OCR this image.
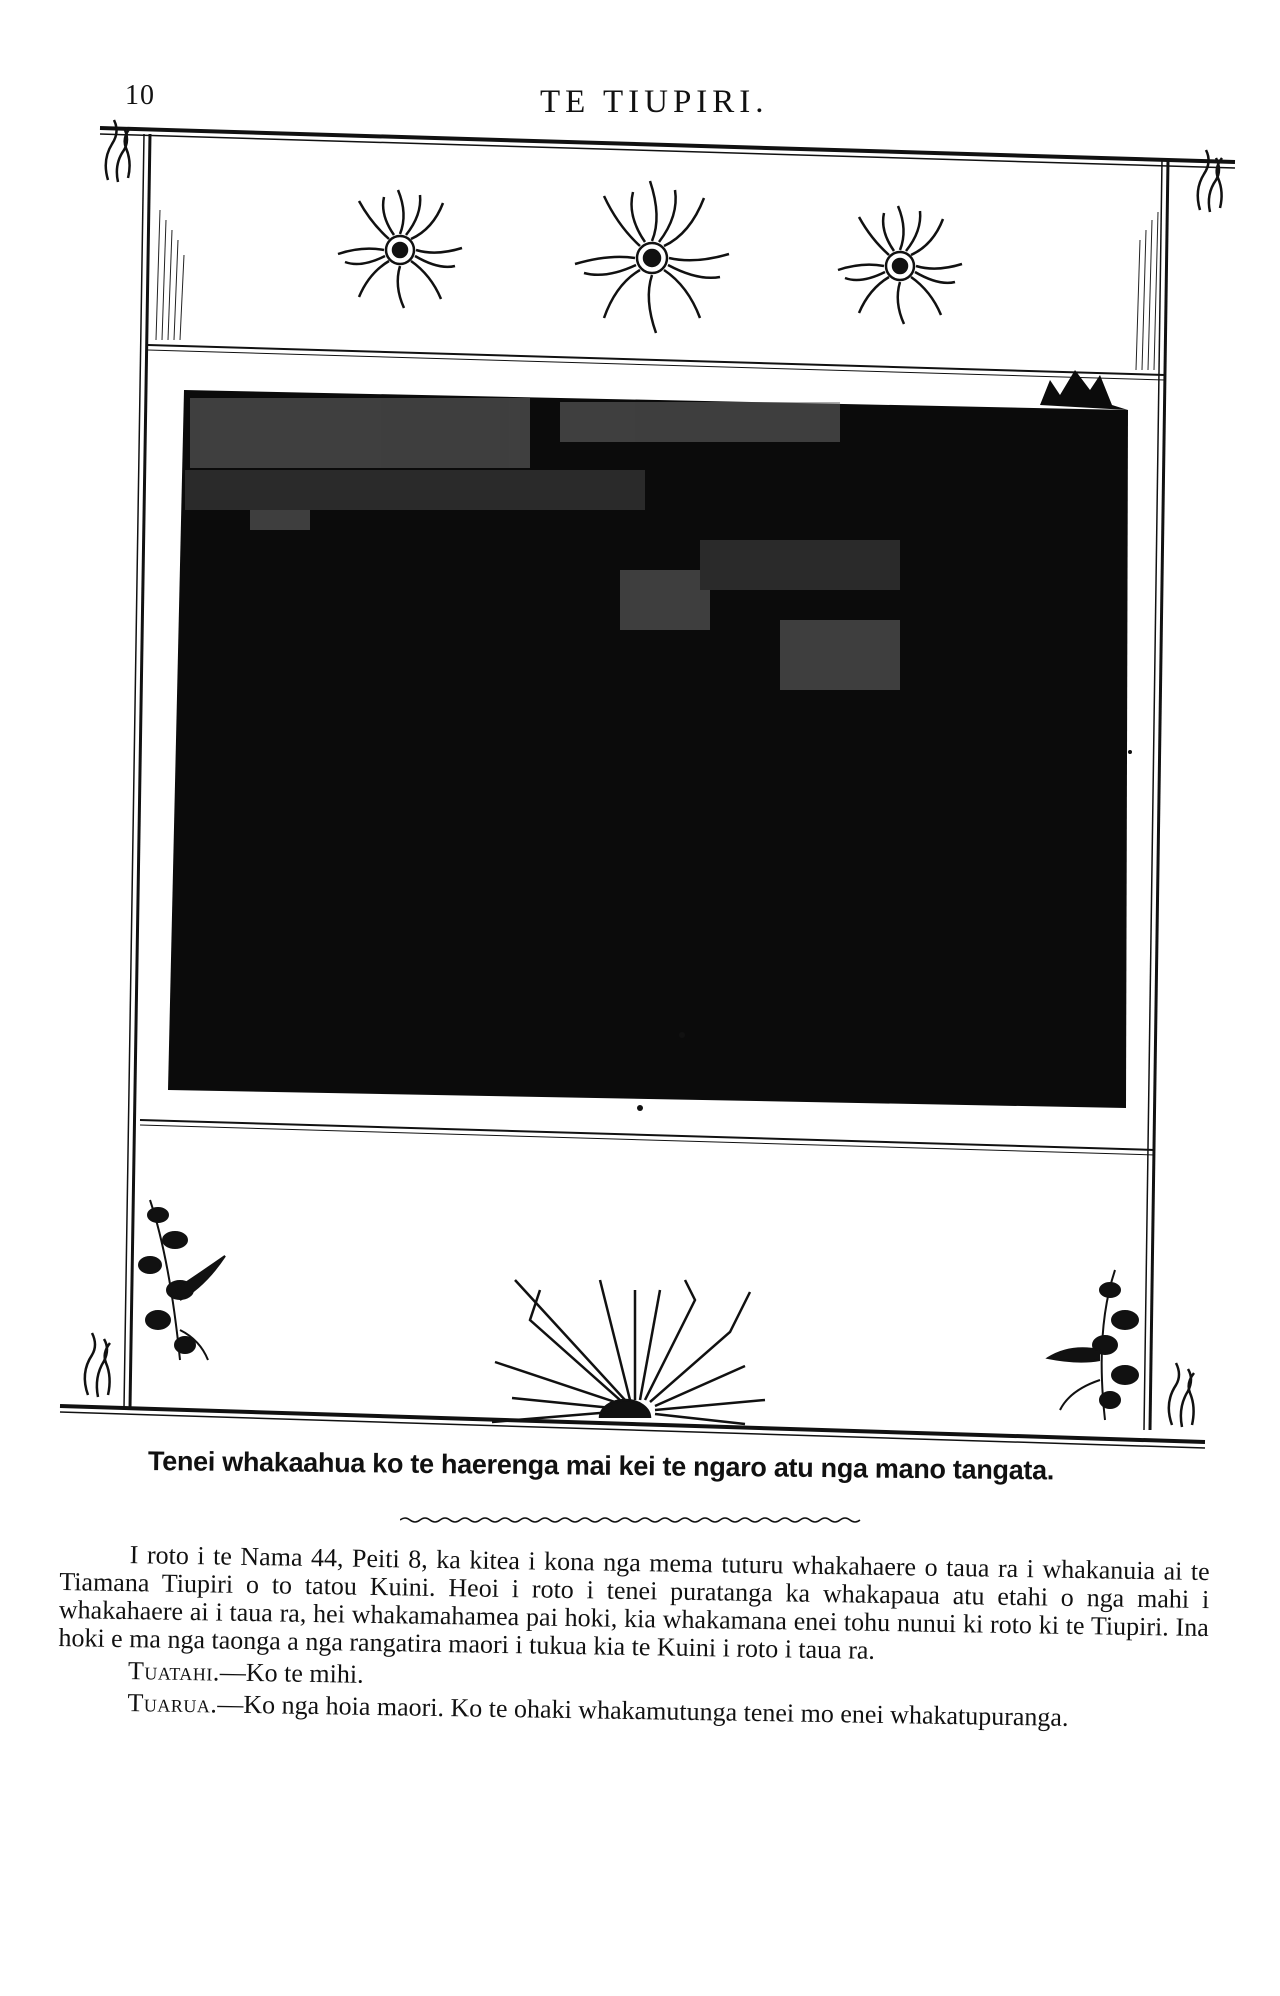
10	TE TIUPIRI.
Tenei whakaahua ko te haerenga mai kei te ngaro atu nga mano tangata.

I roto i te Nama 44, Peiti 8, ka kitea i kona nga mema tuturu whakahaere o taua ra i whakanuia ai te Tiamana Tiupiri o to tatou Kuini. Heoi i roto i tenei puratanga ka whakapaua atu etahi o nga mahi i whakahaere ai i taua ra, hei whakamahamea pai hoki, kia whakamana enei tohu nunui ki roto ki te Tiupiri. Ina hoki e ma nga taonga a nga rangatira maori i tukua kia te Kuini i roto i taua ra.

Tuatahi.—Ko te mihi.

Tuarua.—Ko nga hoia maori. Ko te ohaki whakamutunga tenei mo enei whakatupuranga.
